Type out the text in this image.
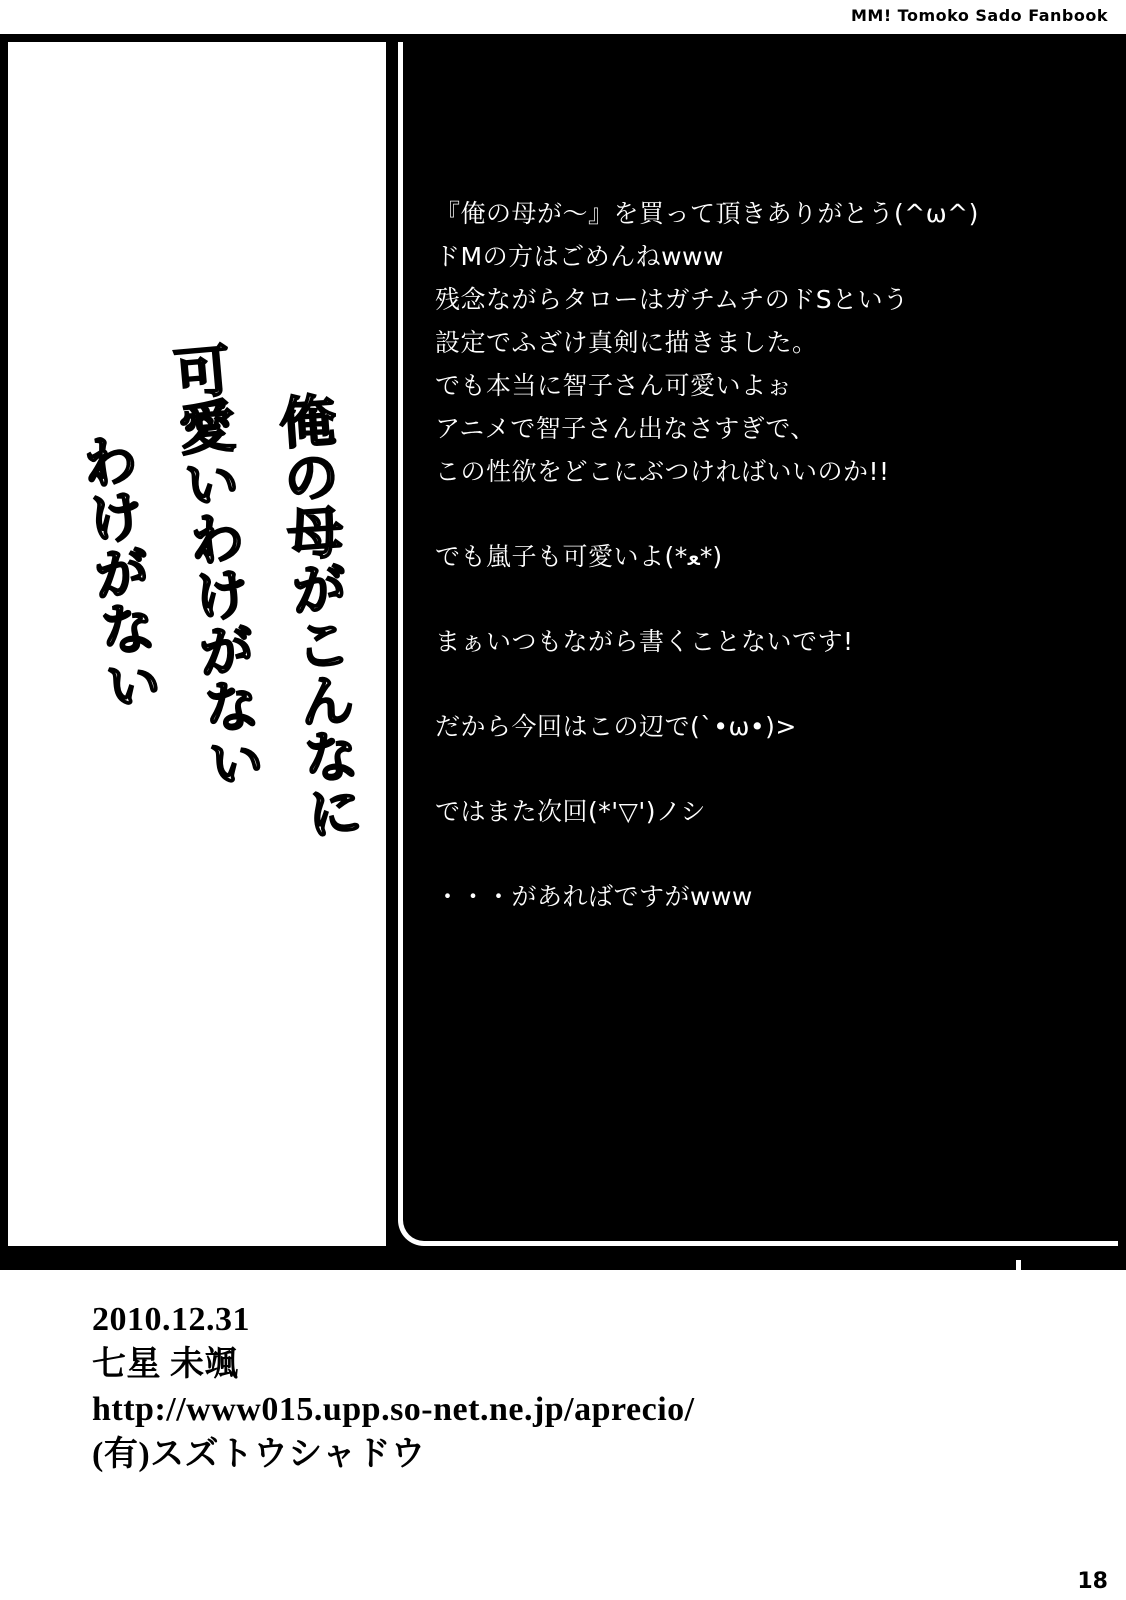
MM! Tomoko Sado Fanbook
俺の母がこんなに
可愛いわけがない
わけがない

『俺の母が～』を買って頂きありがとう(^ω^)

ドMの方はごめんねwww

残念ながらタローはガチムチのドSという

設定でふざけ真剣に描きました。

でも本当に智子さん可愛いよぉ

アニメで智子さん出なさすぎで、

この性欲をどこにぶつければいいのか!!

でも嵐子も可愛いよ(*ﻌ*)

まぁいつもながら書くことないです!

だから今回はこの辺で(`•ω•)>

ではまた次回(*'▽')ノシ

・・・があればですがwww

2010.12.31
七星 未颯
http://www015.upp.so-net.ne.jp/aprecio/
(有)スズトウシャドウ
18
